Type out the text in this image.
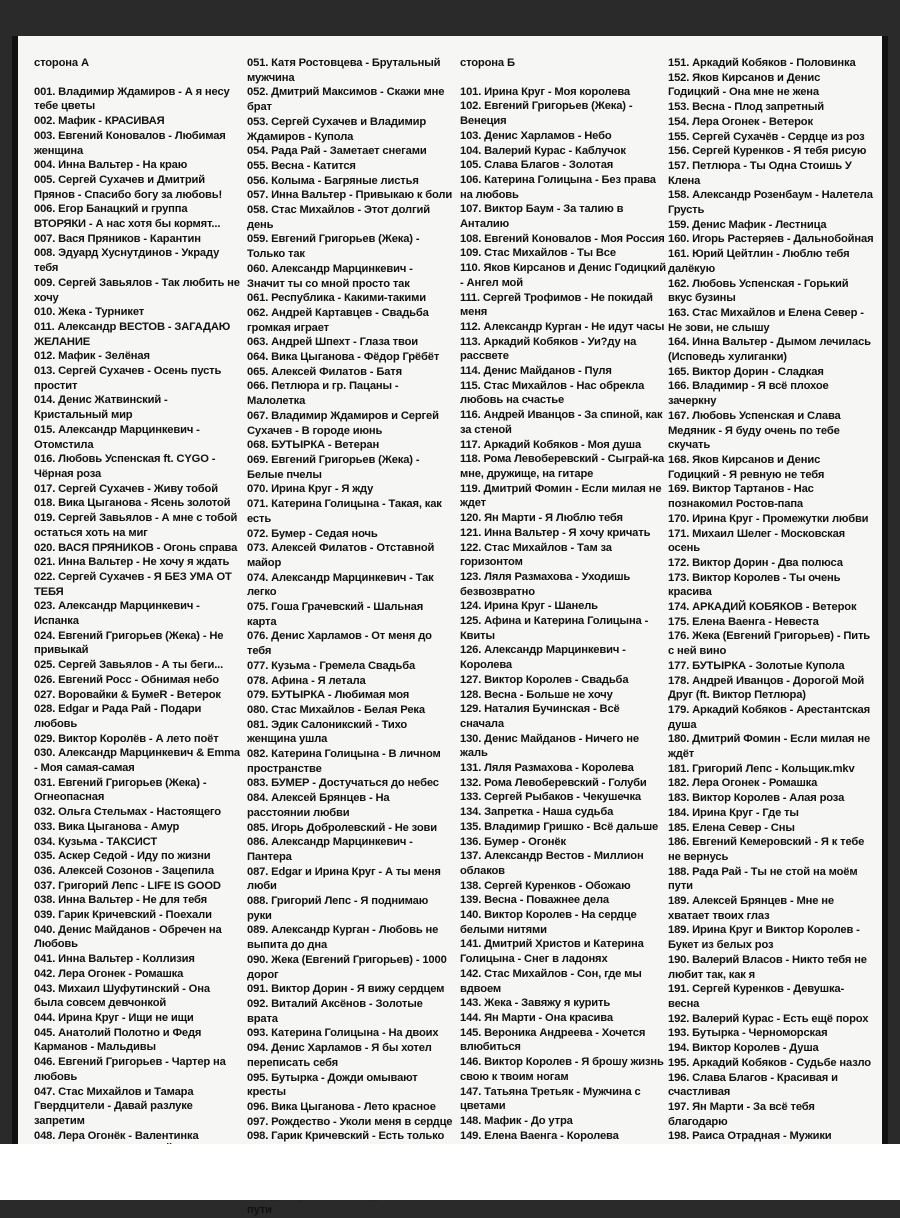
сторона А
001. Владимир Ждамиров - А я несу тебе цветы
002. Мафик - КРАСИВАЯ
003. Евгений Коновалов - Любимая женщина
004. Инна Вальтер - На краю
005. Сергей Сухачев и Дмитрий Прянов - Спасибо богу за любовь!
006. Егор Банацкий и группа ВТОРЯКИ - А нас хотя бы кормят...
007. Вася Пряников - Карантин
008. Эдуард Хуснутдинов - Украду тебя
009. Сергей Завьялов - Так любить не хочу
010. Жека - Турникет
011. Александр ВЕСТОВ - ЗАГАДАЮ ЖЕЛАНИЕ
012. Мафик - Зелёная
013. Сергей Сухачев - Осень пусть простит
014. Денис Жатвинский - Кристальный мир
015. Александр Марцинкевич - Отомстила
016. Любовь Успенская ft. CYGO - Чёрная роза
017. Сергей Сухачев - Живу тобой
018. Вика Цыганова - Ясень золотой
019. Сергей Завьялов - А мне с тобой остаться хоть на миг
020. ВАСЯ ПРЯНИКОВ - Огонь справа
021. Инна Вальтер - Не хочу я ждать
022. Сергей Сухачев - Я БЕЗ УМА ОТ ТЕБЯ
023. Александр Марцинкевич - Испанка
024. Евгений Григорьев (Жека) - Не привыкай
025. Сергей Завьялов - А ты беги...
026. Евгений Росс - Обнимая небо
027. Воровайки & БумеR - Ветерок
028. Edgar и Рада Рай - Подари любовь
029. Виктор Королёв - А лето поёт
030. Александр Марцинкевич & Emma - Моя самая-самая
031. Евгений Григорьев (Жека) - Огнеопасная
032. Ольга Стельмах - Настоящего
033. Вика Цыганова - Амур
034. Кузьма - ТАКСИСТ
035. Аскер Седой - Иду по жизни
036. Алексей Созонов - Зацепила
037. Григорий Лепс - LIFE IS GOOD
038. Инна Вальтер - Не для тебя
039. Гарик Кричевский - Поехали
040. Денис Майданов - Обречен на Любовь
041. Инна Вальтер - Коллизия
042. Лера Огонек - Ромашка
043. Михаил Шуфутинский - Она была совсем девчонкой
044. Ирина Круг - Ищи не ищи
045. Анатолий Полотно и Федя Карманов - Мальдивы
046. Евгений Григорьев - Чартер на любовь
047. Стас Михайлов и Тамара Гвердцители - Давай разлуке запретим
048. Лера Огонёк - Валентинка
051. Катя Ростовцева - Брутальный мужчина
052. Дмитрий Максимов - Скажи мне брат
053. Сергей Сухачев и Владимир Ждамиров - Купола
054. Рада Рай - Заметает снегами
055. Весна - Катится
056. Колыма - Багряные листья
057. Инна Вальтер - Привыкаю к боли
058. Стас Михайлов - Этот долгий день
059. Евгений Григорьев (Жека) - Только так
060. Александр Марцинкевич - Значит ты со мной просто так
061. Республика - Какими-такими
062. Андрей Картавцев - Свадьба громкая играет
063. Андрей Шпехт - Глаза твои
064. Вика Цыганова - Фёдор Грёбёт
065. Алексей Филатов - Батя
066. Петлюра и гр. Пацаны - Малолетка
067. Владимир Ждамиров и Сергей Сухачев - В городе июнь
068. БУТЫРКА - Ветеран
069. Евгений Григорьев (Жека) - Белые пчелы
070. Ирина Круг - Я жду
071. Катерина Голицына - Такая, как есть
072. Бумер - Седая ночь
073. Алексей Филатов - Отставной майор
074. Александр Марцинкевич - Так легко
075. Гоша Грачевский - Шальная карта
076. Денис Харламов - От меня до тебя
077. Кузьма - Гремела Свадьба
078. Афина - Я летала
079. БУТЫРКА - Любимая моя
080. Стас Михайлов - Белая Река
081. Эдик Салоникский - Тихо женщина ушла
082. Катерина Голицына - В личном пространстве
083. БУМЕР - Достучаться до небес
084. Алексей Брянцев - На расстоянии любви
085. Игорь Добролевский - Не зови
086. Александр Марцинкевич - Пантера
087. Edgar и Ирина Круг - А ты меня люби
088. Григорий Лепс - Я поднимаю руки
089. Александр Курган - Любовь не выпита до дна
090. Жека (Евгений Григорьев) - 1000 дорог
091. Виктор Дорин - Я вижу сердцем
092. Виталий Аксёнов - Золотые врата
093. Катерина Голицына - На двоих
094. Денис Харламов - Я бы хотел переписать себя
095. Бутырка - Дожди омывают кресты
096. Вика Цыганова - Лето красное
097. Рождество - Уколи меня в сердце
098. Гарик Кричевский - Есть только
пути
сторона Б
101. Ирина Круг - Моя королева
102. Евгений Григорьев (Жека) - Венеция
103. Денис Харламов - Небо
104. Валерий Курас - Каблучок
105. Слава Благов - Золотая
106. Катерина Голицына - Без права на любовь
107. Виктор Баум - За талию в Анталию
108. Евгений Коновалов - Моя Россия
109. Стас Михайлов - Ты Все
110. Яков Кирсанов и Денис Годицкий - Ангел мой
111. Сергей Трофимов - Не покидай меня
112. Александр Курган - Не идут часы
113. Аркадий Кобяков - Уи?ду на рассвете
114. Денис Майданов - Пуля
115. Стас Михайлов - Нас обрекла любовь на счастье
116. Андрей Иванцов - За спиной, как за стеной
117. Аркадий Кобяков - Моя душа
118. Рома Левоберевский - Сыграй-ка мне, дружище, на гитаре
119. Дмитрий Фомин - Если милая не ждет
120. Ян Марти - Я Люблю тебя
121. Инна Вальтер - Я хочу кричать
122. Стас Михайлов - Там за горизонтом
123. Ляля Размахова - Уходишь безвозвратно
124. Ирина Круг - Шанель
125. Афина и Катерина Голицына - Квиты
126. Александр Марцинкевич - Королева
127. Виктор Королев - Свадьба
128. Весна - Больше не хочу
129. Наталия Бучинская - Всё сначала
130. Денис Майданов - Ничего не жаль
131. Ляля Размахова - Королева
132. Рома Левоберевский - Голуби
133. Сергей Рыбаков - Чекушечка
134. Запретка - Наша судьба
135. Владимир Гришко - Всё дальше
136. Бумер - Огонёк
137. Александр Вестов - Миллион облаков
138. Сергей Куренков - Обожаю
139. Весна - Поважнее дела
140. Виктор Королев - На сердце белыми нитями
141. Дмитрий Христов и Катерина Голицына - Снег в ладонях
142. Стас Михайлов - Сон, где мы вдвоем
143. Жека - Завяжу я курить
144. Ян Марти - Она красива
145. Вероника Андреева - Хочется влюбиться
146. Виктор Королев - Я брошу жизнь свою к твоим ногам
147. Татьяна Третьяк - Мужчина с цветами
148. Мафик - До утра
149. Елена Ваенга - Королева
151. Аркадий Кобяков - Половинка
152. Яков Кирсанов и Денис Годицкий - Она мне не жена
153. Весна - Плод запретный
154. Лера Огонек - Ветерок
155. Сергей Сухачёв - Сердце из роз
156. Сергей Куренков - Я тебя рисую
157. Петлюра - Ты Одна Стоишь У Клена
158. Александр Розенбаум - Налетела Грусть
159. Денис Мафик - Лестница
160. Игорь Растеряев - Дальнобойная
161. Юрий Цейтлин - Люблю тебя далёкую
162. Любовь Успенская - Горький вкус бузины
163. Стас Михайлов и Елена Север - Не зови, не слышу
164. Инна Вальтер - Дымом лечилась (Исповедь хулиганки)
165. Виктор Дорин - Сладкая
166. Владимир - Я всё плохое зачеркну
167. Любовь Успенская и Слава Медяник - Я буду очень по тебе скучать
168. Яков Кирсанов и Денис Годицкий - Я ревную не тебя
169. Виктор Тартанов - Нас познакомил Ростов-папа
170. Ирина Круг - Промежутки любви
171. Михаил Шелег - Московская осень
172. Виктор Дорин - Два полюса
173. Виктор Королев - Ты очень красива
174. АРКАДИЙ КОБЯКОВ - Ветерок
175. Елена Ваенга - Невеста
176. Жека (Евгений Григорьев) - Пить с ней вино
177. БУТЫРКА - Золотые Купола
178. Андрей Иванцов - Дорогой Мой Друг (ft. Виктор Петлюра)
179. Аркадий Кобяков - Арестантская душа
180. Дмитрий Фомин - Если милая не ждёт
181. Григорий Лепс - Кольщик.mkv
182. Лера Огонек - Ромашка
183. Виктор Королев - Алая роза
184. Ирина Круг - Где ты
185. Елена Север - Сны
186. Евгений Кемеровский - Я к тебе не вернусь
188. Рада Рай - Ты не стой на моём пути
189. Алексей Брянцев - Мне не хватает твоих глаз
189. Ирина Круг и Виктор Королев - Букет из белых роз
190. Валерий Власов - Никто тебя не любит так, как я
191. Сергей Куренков - Девушка-весна
192. Валерий Курас - Есть ещё порох
193. Бутырка - Черноморская
194. Виктор Королев - Душа
195. Аркадий Кобяков - Судьбе назло
196. Слава Благов - Красивая и счастливая
197. Ян Марти - За всё тебя благодарю
198. Раиса Отрадная - Мужики
